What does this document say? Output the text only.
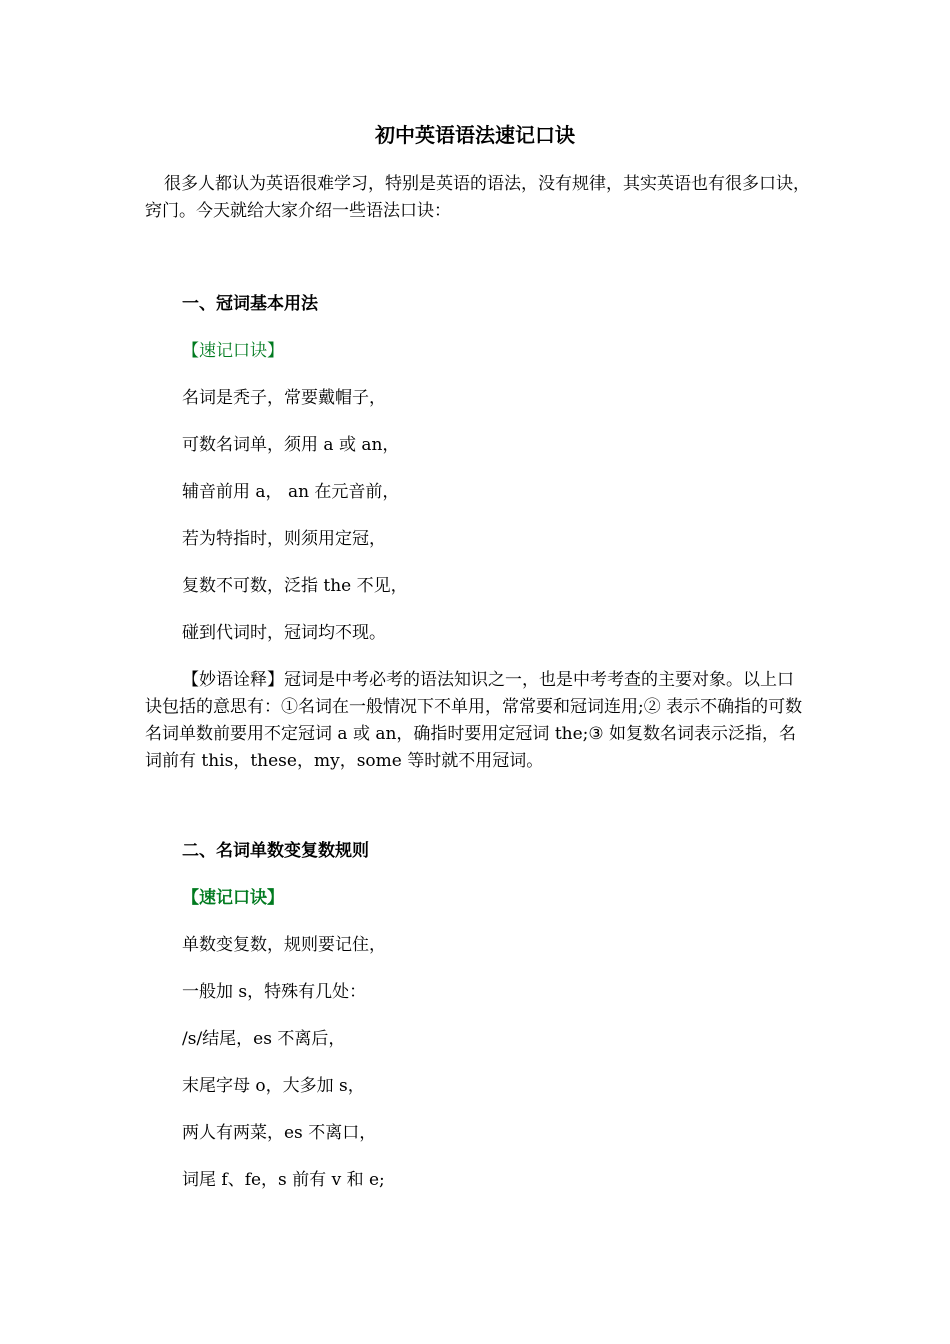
初中英语语法速记口诀
很多人都认为英语很难学习，特别是英语的语法，没有规律，其实英语也有很多口诀，窍门。今天就给大家介绍一些语法口诀：
一、冠词基本用法
【速记口诀】
名词是秃子，常要戴帽子，
可数名词单，须用 a 或 an，
辅音前用 a， an 在元音前，
若为特指时，则须用定冠，
复数不可数，泛指 the 不见，
碰到代词时，冠词均不现。
【妙语诠释】冠词是中考必考的语法知识之一，也是中考考查的主要对象。以上口诀包括的意思有：①名词在一般情况下不单用，常常要和冠词连用;② 表示不确指的可数名词单数前要用不定冠词 a 或 an，确指时要用定冠词 the;③ 如复数名词表示泛指，名词前有 this，these，my，some 等时就不用冠词。
二、名词单数变复数规则
【速记口诀】
单数变复数，规则要记住，
一般加 s，特殊有几处：
/s/结尾，es 不离后，
末尾字母 o，大多加 s，
两人有两菜，es 不离口，
词尾 f、fe，s 前有 v 和 e;
